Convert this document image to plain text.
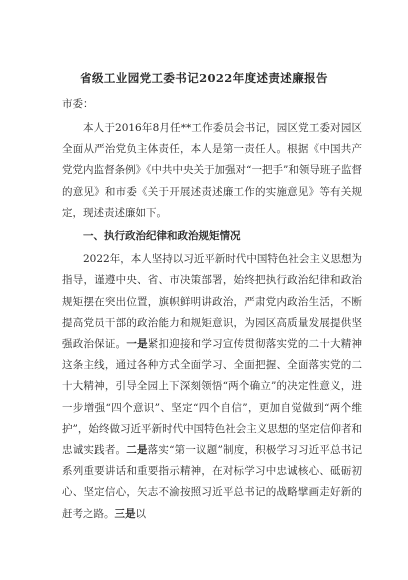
省级工业园党工委书记2022年度述责述廉报告
市委：

本人于2016年8月任**工作委员会书记，园区党工委对园区全面从严治党负主体责任，本人是第一责任人。根据《中国共产党党内监督条例》《中共中央关于加强对“一把手”和领导班子监督的意见》和市委《关于开展述责述廉工作的实施意见》等有关规定，现述责述廉如下。

一、执行政治纪律和政治规矩情况

2022年，本人坚持以习近平新时代中国特色社会主义思想为指导，谨遵中央、省、市决策部署，始终把执行政治纪律和政治规矩摆在突出位置，旗帜鲜明讲政治，严肃党内政治生活，不断提高党员干部的政治能力和规矩意识，为园区高质量发展提供坚强政治保证。一是紧扣迎接和学习宣传贯彻落实党的二十大精神这条主线，通过各种方式全面学习、全面把握、全面落实党的二十大精神，引导全园上下深刻领悟“两个确立”的决定性意义，进一步增强“四个意识”、坚定“四个自信”，更加自觉做到“两个维护”，始终做习近平新时代中国特色社会主义思想的坚定信仰者和忠诚实践者。二是落实“第一议题”制度，积极学习习近平总书记系列重要讲话和重要指示精神，在对标学习中忠诚核心、砥砺初心、坚定信心，矢志不渝按照习近平总书记的战略擘画走好新的赶考之路。三是以
